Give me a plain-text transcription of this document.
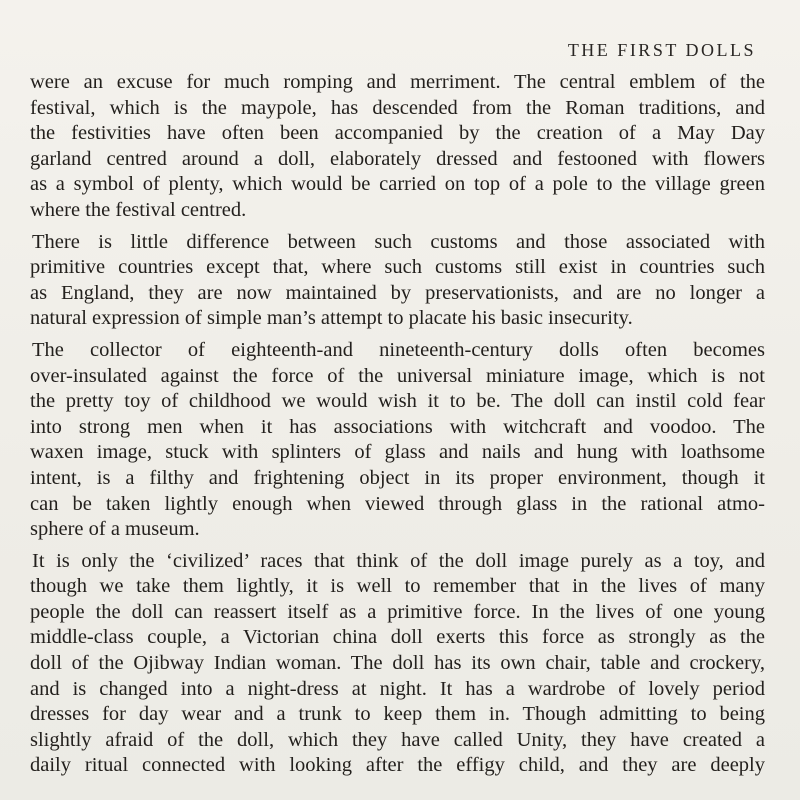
THE FIRST DOLLS
were an excuse for much romping and merriment. The central emblem of the
festival, which is the maypole, has descended from the Roman traditions, and
the festivities have often been accompanied by the creation of a May Day
garland centred around a doll, elaborately dressed and festooned with flowers
as a symbol of plenty, which would be carried on top of a pole to the village green
where the festival centred.
There is little difference between such customs and those associated with
primitive countries except that, where such customs still exist in countries such
as England, they are now maintained by preservationists, and are no longer a
natural expression of simple man’s attempt to placate his basic insecurity.
The collector of eighteenth-and nineteenth-century dolls often becomes
over-insulated against the force of the universal miniature image, which is not
the pretty toy of childhood we would wish it to be. The doll can instil cold fear
into strong men when it has associations with witchcraft and voodoo. The
waxen image, stuck with splinters of glass and nails and hung with loathsome
intent, is a filthy and frightening object in its proper environment, though it
can be taken lightly enough when viewed through glass in the rational atmo-
sphere of a museum.
It is only the ‘civilized’ races that think of the doll image purely as a toy, and
though we take them lightly, it is well to remember that in the lives of many
people the doll can reassert itself as a primitive force. In the lives of one young
middle-class couple, a Victorian china doll exerts this force as strongly as the
doll of the Ojibway Indian woman. The doll has its own chair, table and crockery,
and is changed into a night-dress at night. It has a wardrobe of lovely period
dresses for day wear and a trunk to keep them in. Though admitting to being
slightly afraid of the doll, which they have called Unity, they have created a
daily ritual connected with looking after the effigy child, and they are deeply
